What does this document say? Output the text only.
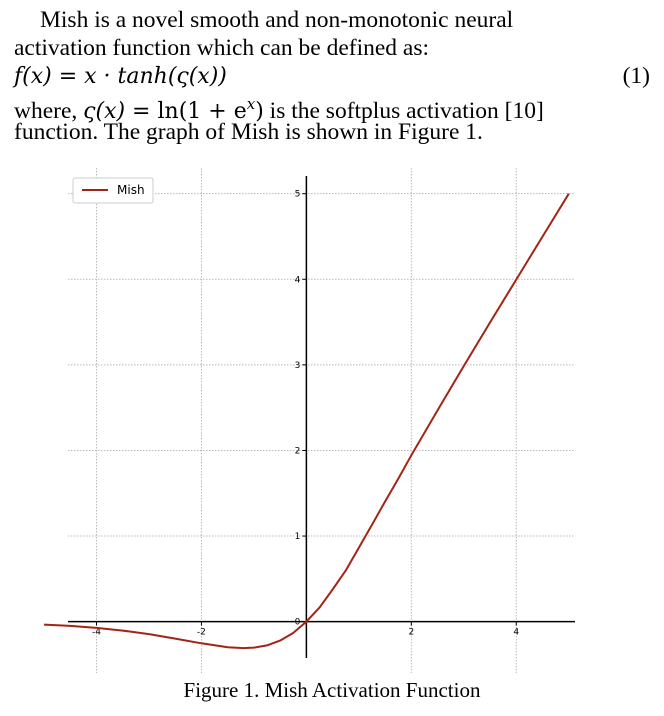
Mish is a novel smooth and non-monotonic neural
activation function which can be defined as:
f(x) = x · tanh(ς(x))	(1)
where, $\varsigma(x) = \ln(1 + e^x)$ is the softplus activation [10]
function. The graph of Mish is shown in Figure 1.
-4	-2	2	4
0
1
2
3
4
5
Mish
Figure 1. Mish Activation Function
